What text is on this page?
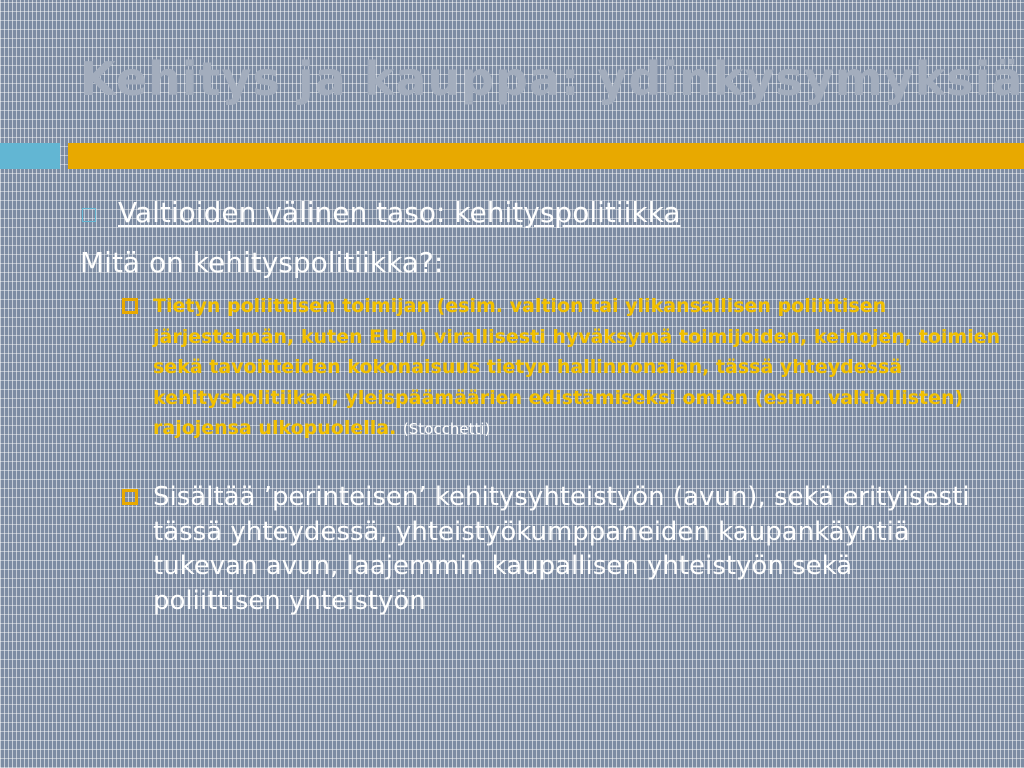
Kehitys ja kauppa: ydinkysymyksiä
Valtioiden välinen taso: kehityspolitiikka
Mitä on kehityspolitiikka?:
Tietyn poliittisen toimijan (esim. valtion tai ylikansallisen poliittisen järjestelmän, kuten EU:n) virallisesti hyväksymä toimijoiden, keinojen, toimien sekä tavoitteiden kokonaisuus tietyn hallinnonalan, tässä yhteydessä kehityspolitiikan, yleispäämäärien edistämiseksi omien (esim. valtiollisten) rajojensa ulkopuolella. (Stocchetti)
Sisältää ’perinteisen’ kehitysyhteistyön (avun), sekä erityisesti tässä yhteydessä, yhteistyökumppaneiden kaupankäyntiä tukevan avun, laajemmin kaupallisen yhteistyön sekä poliittisen yhteistyön
